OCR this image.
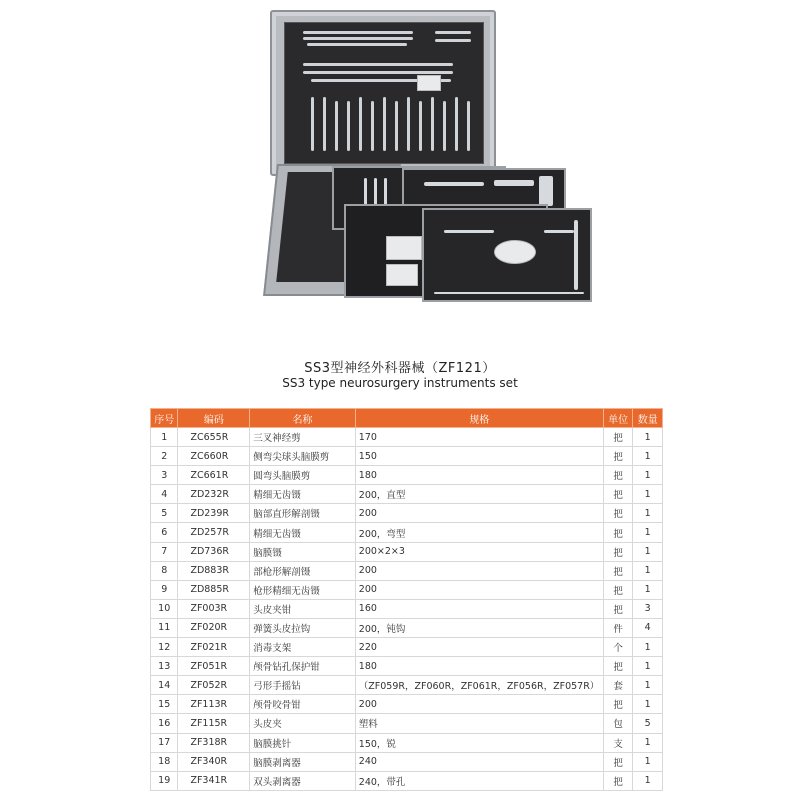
SS3型神经外科器械（ZF121）
SS3 type neurosurgery instruments set
序号	编码	名称	规格	单位	数量
1	ZC655R	三叉神经剪	170	把	1
2	ZC660R	侧弯尖球头脑膜剪	150	把	1
3	ZC661R	圆弯头脑膜剪	180	把	1
4	ZD232R	精细无齿镊	200，直型	把	1
5	ZD239R	脑部直形解剖镊	200	把	1
6	ZD257R	精细无齿镊	200，弯型	把	1
7	ZD736R	脑膜镊	200×2×3	把	1
8	ZD883R	部枪形解剖镊	200	把	1
9	ZD885R	枪形精细无齿镊	200	把	1
10	ZF003R	头皮夹钳	160	把	3
11	ZF020R	弹簧头皮拉钩	200，钝钩	件	4
12	ZF021R	消毒支架	220	个	1
13	ZF051R	颅骨钻孔保护钳	180	把	1
14	ZF052R	弓形手摇钻	（ZF059R，ZF060R，ZF061R，ZF056R，ZF057R）	套	1
15	ZF113R	颅骨咬骨钳	200	把	1
16	ZF115R	头皮夹	塑料	包	5
17	ZF318R	脑膜挑针	150，锐	支	1
18	ZF340R	脑膜剥离器	240	把	1
19	ZF341R	双头剥离器	240，带孔	把	1
